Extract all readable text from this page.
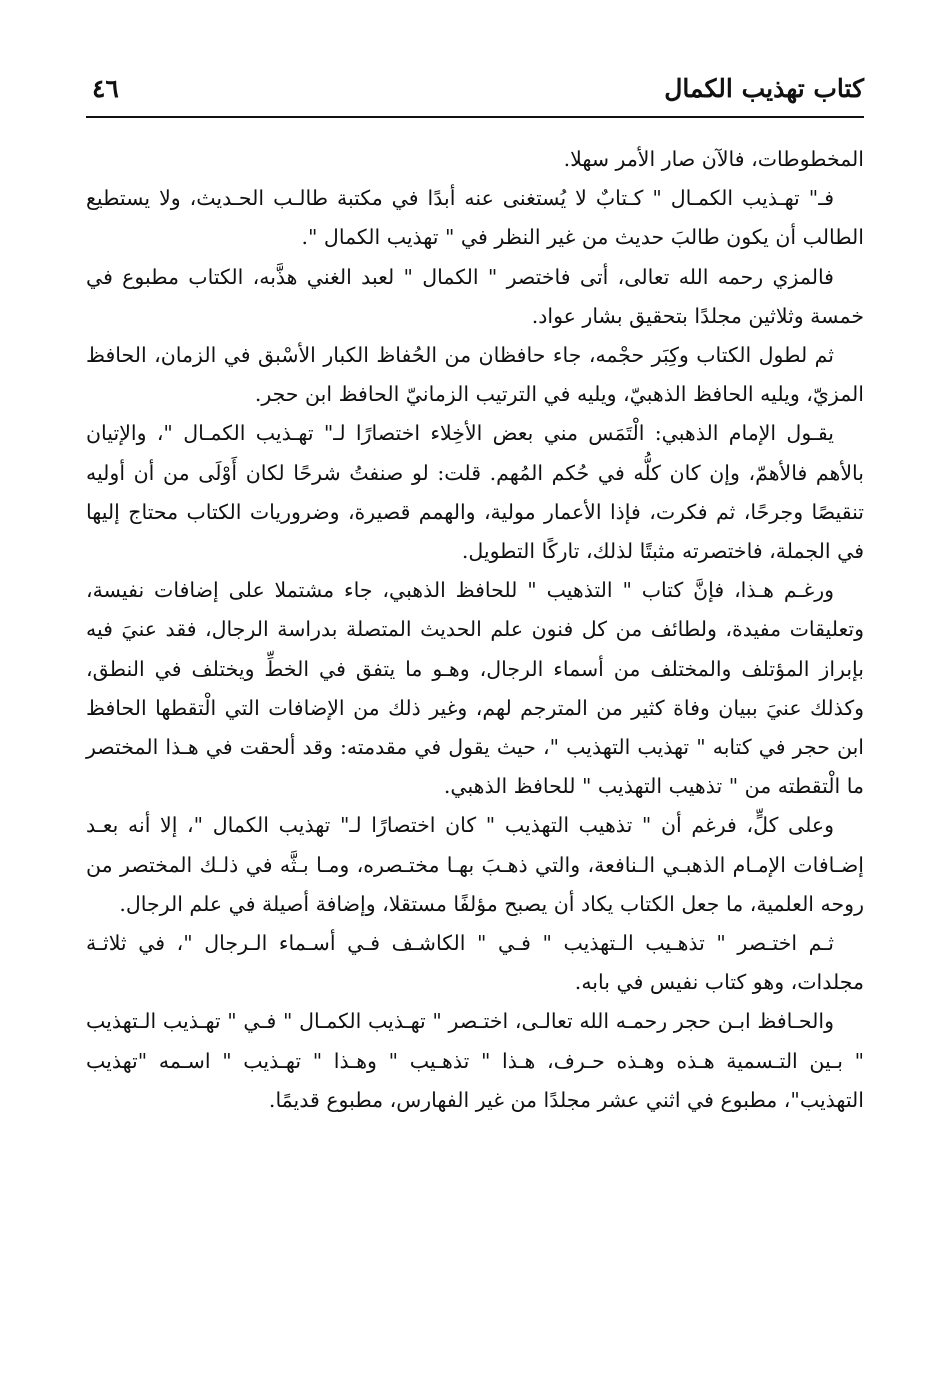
كتاب تهذيب الكمال
٤٦

المخطوطات، فالآن صار الأمر سهلا.

فـ" تهـذيب الكمـال " كـتابٌ لا يُستغنى عنه أبدًا في مكتبة طالـب الحـديث، ولا يستطيع الطالب أن يكون طالبَ حديث من غير النظر في " تهذيب الكمال ".

فالمزي رحمه الله تعالى، أتى فاختصر " الكمال " لعبد الغني هذَّبه، الكتاب مطبوع في خمسة وثلاثين مجلدًا بتحقيق بشار عواد.

ثم لطول الكتاب وكِبَر حجْمه، جاء حافظان من الحُفاظ الكبار الأسْبق في الزمان، الحافظ المزيّ، ويليه الحافظ الذهبيّ، ويليه في الترتيب الزمانيّ الحافظ ابن حجر.

يقـول الإمام الذهبي: الْتَمَس مني بعض الأخِلاء اختصارًا لـ" تهـذيب الكمـال "، والإتيان بالأهم فالأهمّ، وإن كان كلُّه في حُكم المُهم. قلت: لو صنفتُ شرحًا لكان أَوْلَى من أن أوليه تنقيصًا وجرحًا، ثم فكرت، فإذا الأعمار مولية، والهمم قصيرة، وضروريات الكتاب محتاج إليها في الجملة، فاختصرته مثبتًا لذلك، تاركًا التطويل.

ورغـم هـذا، فإنَّ كتاب " التذهيب " للحافظ الذهبي، جاء مشتملا على إضافات نفيسة، وتعليقات مفيدة، ولطائف من كل فنون علم الحديث المتصلة بدراسة الرجال، فقد عنيَ فيه بإبراز المؤتلف والمختلف من أسماء الرجال، وهـو ما يتفق في الخطِّ ويختلف في النطق، وكذلك عنيَ ببيان وفاة كثير من المترجم لهم، وغير ذلك من الإضافات التي الْتقطها الحافظ ابن حجر في كتابه " تهذيب التهذيب "، حيث يقول في مقدمته: وقد ألحقت في هـذا المختصر ما الْتقطته من " تذهيب التهذيب " للحافظ الذهبي.

وعلى كلٍّ، فرغم أن " تذهيب التهذيب " كان اختصارًا لـ" تهذيب الكمال "، إلا أنه بعـد إضـافات الإمـام الذهبـي الـنافعة، والتي ذهـبَ بهـا مختـصره، ومـا بـثَّه في ذلـك المختصر من روحه العلمية، ما جعل الكتاب يكاد أن يصبح مؤلفًا مستقلا، وإضافة أصيلة في علم الرجال.

ثـم اختـصر " تذهـيب الـتهذيب " فـي " الكاشـف فـي أسـماء الـرجال "، في ثلاثـة مجلدات، وهو كتاب نفيس في بابه.

والحـافظ ابـن حجر رحمـه الله تعالـى، اختـصر " تهـذيب الكمـال " فـي " تهـذيب الـتهذيب " بـين التـسمية هـذه وهـذه حـرف، هـذا " تذهـيب " وهـذا " تهـذيب " اسـمه "تهذيب التهذيب"، مطبوع في اثني عشر مجلدًا من غير الفهارس، مطبوع قديمًا.
